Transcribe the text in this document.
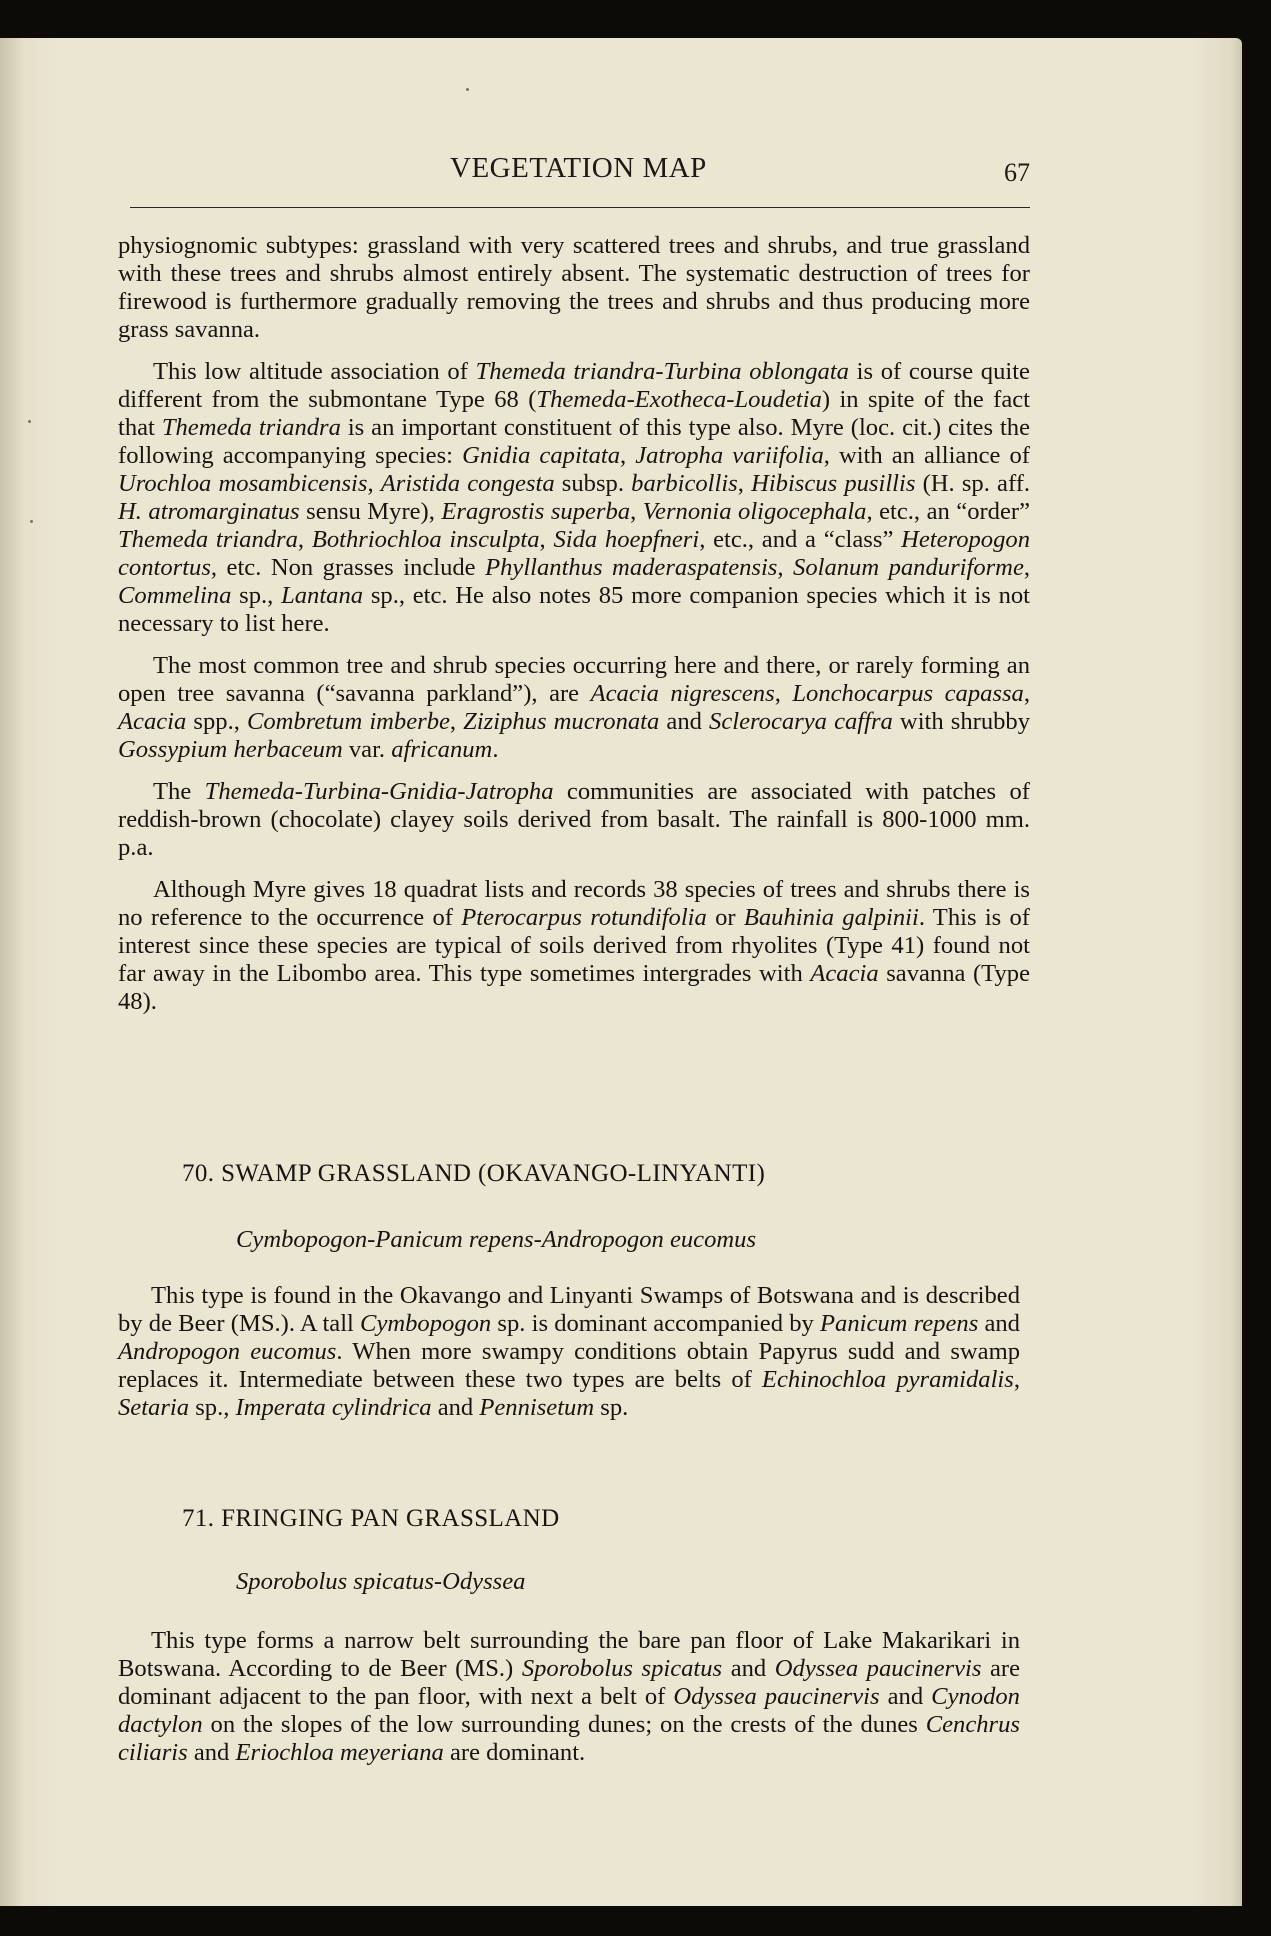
VEGETATION MAP	67

physiognomic subtypes: grassland with very scattered trees and shrubs, and true grassland with these trees and shrubs almost entirely absent. The systematic destruction of trees for firewood is furthermore gradually removing the trees and shrubs and thus producing more grass savanna.

This low altitude association of Themeda triandra-Turbina oblongata is of course quite different from the submontane Type 68 (Themeda-Exotheca-Loudetia) in spite of the fact that Themeda triandra is an important constituent of this type also. Myre (loc. cit.) cites the following accompanying species: Gnidia capitata, Jatropha variifolia, with an alliance of Urochloa mosambicensis, Aristida congesta subsp. barbicollis, Hibiscus pusillis (H. sp. aff. H. atromarginatus sensu Myre), Eragrostis superba, Vernonia oligocephala, etc., an “order” Themeda triandra, Bothriochloa insculpta, Sida hoepfneri, etc., and a “class” Heteropogon contortus, etc. Non grasses include Phyllanthus maderaspatensis, Solanum panduriforme, Commelina sp., Lantana sp., etc. He also notes 85 more companion species which it is not necessary to list here.

The most common tree and shrub species occurring here and there, or rarely forming an open tree savanna (“savanna parkland”), are Acacia nigrescens, Lonchocarpus capassa, Acacia spp., Combretum imberbe, Ziziphus mucronata and Sclerocarya caffra with shrubby Gossypium herbaceum var. africanum.

The Themeda-Turbina-Gnidia-Jatropha communities are associated with patches of reddish-brown (chocolate) clayey soils derived from basalt. The rainfall is 800-1000 mm. p.a.

Although Myre gives 18 quadrat lists and records 38 species of trees and shrubs there is no reference to the occurrence of Pterocarpus rotundifolia or Bauhinia galpinii. This is of interest since these species are typical of soils derived from rhyolites (Type 41) found not far away in the Libombo area. This type sometimes intergrades with Acacia savanna (Type 48).

70. SWAMP GRASSLAND (OKAVANGO-LINYANTI)
Cymbopogon-Panicum repens-Andropogon eucomus

This type is found in the Okavango and Linyanti Swamps of Botswana and is described by de Beer (MS.). A tall Cymbopogon sp. is dominant accompanied by Panicum repens and Andropogon eucomus. When more swampy conditions obtain Papyrus sudd and swamp replaces it. Intermediate between these two types are belts of Echinochloa pyramidalis, Setaria sp., Imperata cylindrica and Pennisetum sp.

71. FRINGING PAN GRASSLAND
Sporobolus spicatus-Odyssea

This type forms a narrow belt surrounding the bare pan floor of Lake Makarikari in Botswana. According to de Beer (MS.) Sporobolus spicatus and Odyssea paucinervis are dominant adjacent to the pan floor, with next a belt of Odyssea paucinervis and Cynodon dactylon on the slopes of the low surrounding dunes; on the crests of the dunes Cenchrus ciliaris and Eriochloa meyeriana are dominant.
